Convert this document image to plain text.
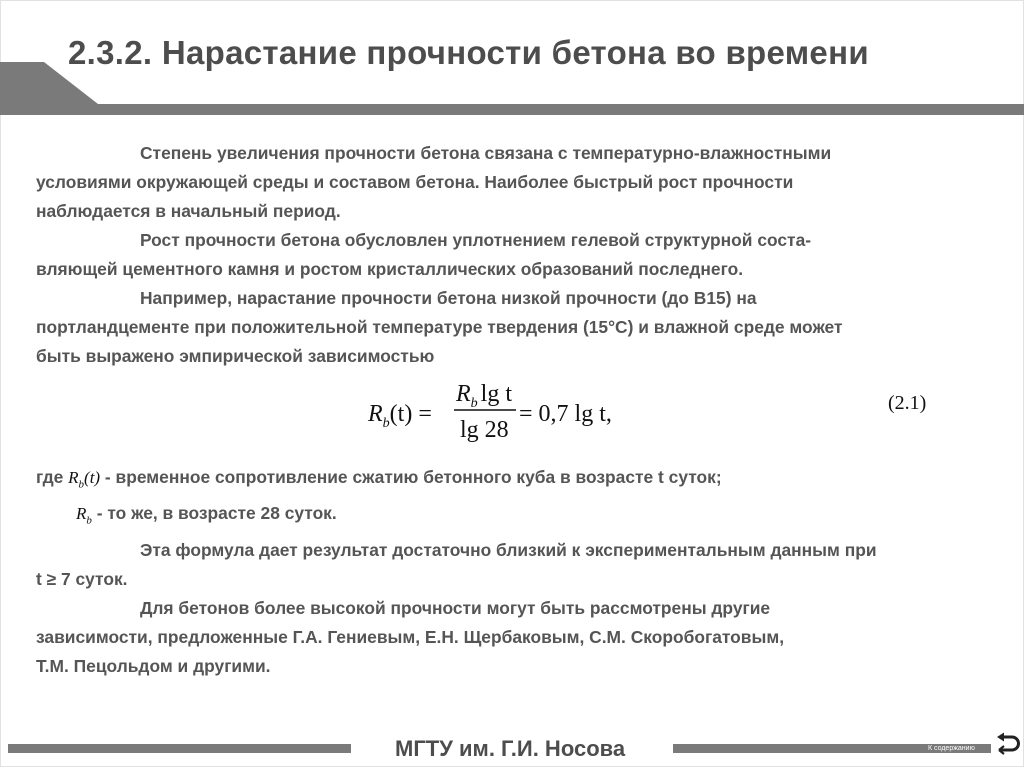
2.3.2. Нарастание прочности бетона во времени

Степень увеличения прочности бетона связана с температурно-влажностными
условиями окружающей среды и составом бетона. Наиболее быстрый рост прочности
наблюдается в начальный период.

Рост прочности бетона обусловлен уплотнением гелевой структурной соста-
вляющей цементного камня и ростом кристаллических образований последнего.

Например, нарастание прочности бетона низкой прочности (до B15) на
портландцементе при положительной температуре твердения (15°C) и влажной среде может
быть выражено эмпирической зависимостью

$R_b(t)$ =
$R_b$ lg t
lg 28
= 0,7 lg t,	(2.1)

где $R_b(t)$ - временное сопротивление сжатию бетонного куба в возрасте t суток;
$R_b$ - то же, в возрасте 28 суток.

Эта формула дает результат достаточно близкий к экспериментальным данным при
t ≥ 7 суток.

Для бетонов более высокой прочности могут быть рассмотрены другие
зависимости, предложенные Г.А. Гениевым, Е.Н. Щербаковым, С.М. Скоробогатовым,
Т.М. Пецольдом и другими.

МГТУ им. Г.И. Носова	К содержанию
